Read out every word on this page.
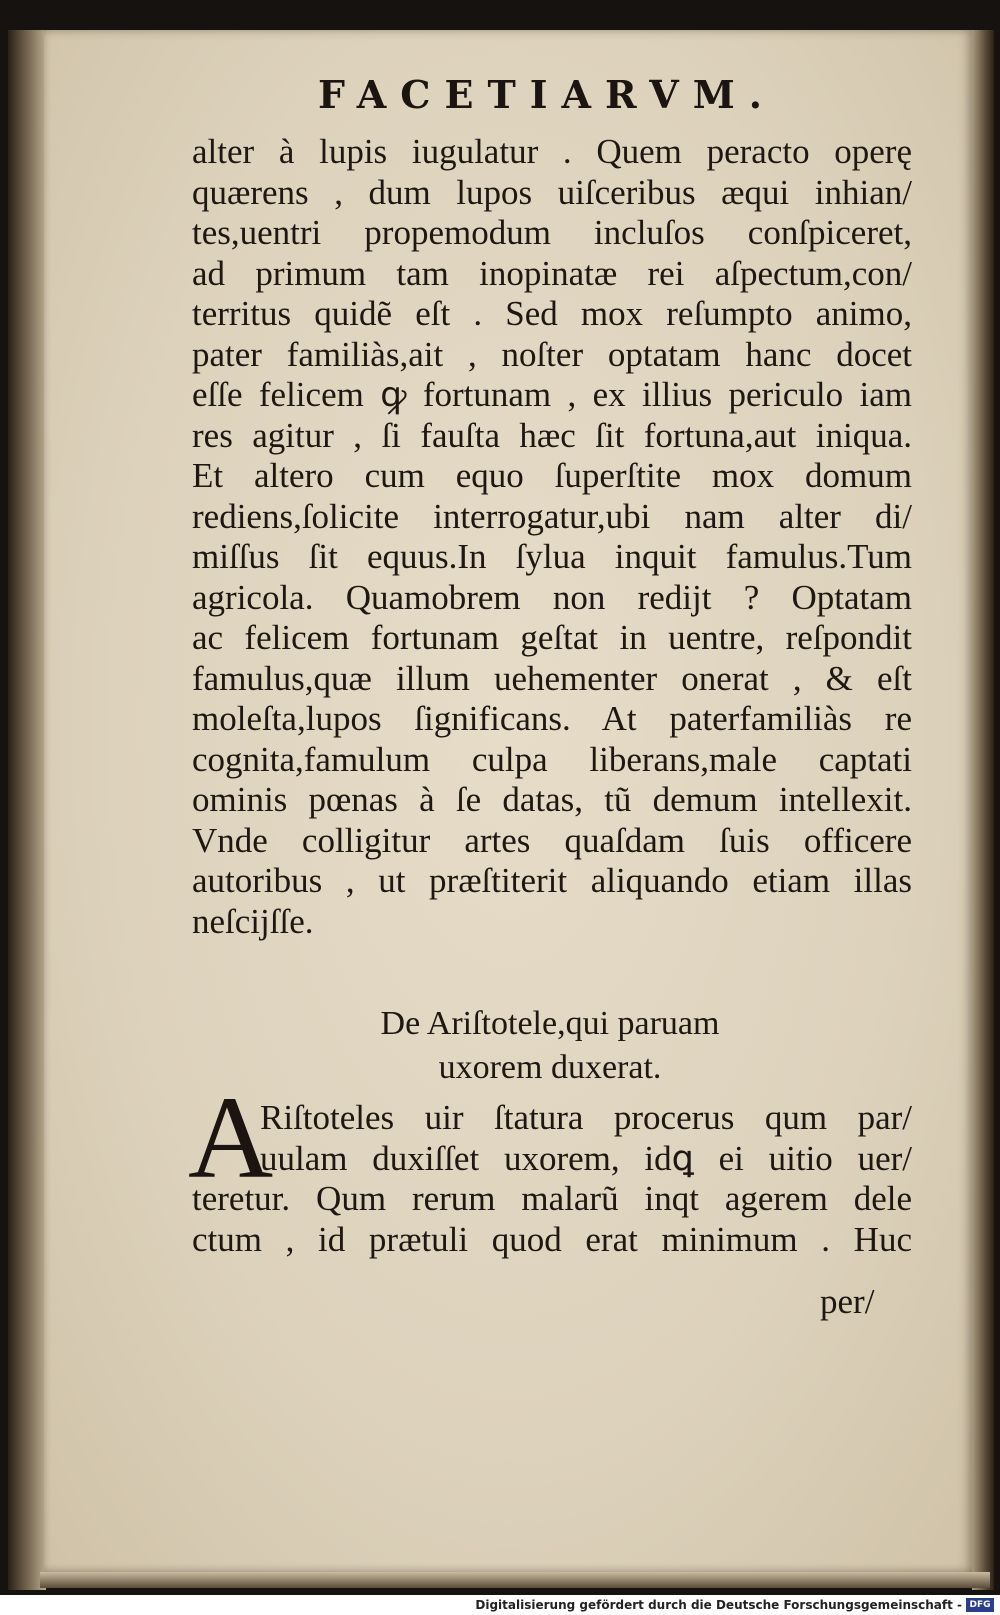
FACETIARVM.
alter à lupis iugulatur . Quem peracto operę
quærens , dum lupos uiſceribus æqui inhian/
tes,uentri propemodum incluſos conſpiceret,
ad primum tam inopinatæ rei aſpectum,con/
territus quidẽ eſt . Sed mox reſumpto animo,
pater familiàs,ait , noſter optatam hanc docet
eſſe felicem ꝙ fortunam , ex illius periculo iam
res agitur , ſi fauſta hæc ſit fortuna,aut iniqua.
Et altero cum equo ſuperſtite mox domum
rediens,ſolicite interrogatur,ubi nam alter di/
miſſus ſit equus.In ſylua inquit famulus.Tum
agricola. Quamobrem non redijt ? Optatam
ac felicem fortunam geſtat in uentre, reſpondit
famulus,quæ illum uehementer onerat , & eſt
moleſta,lupos ſignificans. At paterfamiliàs re
cognita,famulum culpa liberans,male captati
ominis pœnas à ſe datas, tũ demum intellexit.
Vnde colligitur artes quaſdam ſuis officere
autoribus , ut præſtiterit aliquando etiam illas
neſcijſſe.
De Ariſtotele,qui paruam
uxorem duxerat.
A
Riſtoteles uir ſtatura procerus qum par/
uulam duxiſſet uxorem, idꝗ ei uitio uer/
teretur. Qum rerum malarũ inqt agerem dele
ctum , id prætuli quod erat minimum . Huc
per/
Digitalisierung gefördert durch die Deutsche Forschungsgemeinschaft - DFG
